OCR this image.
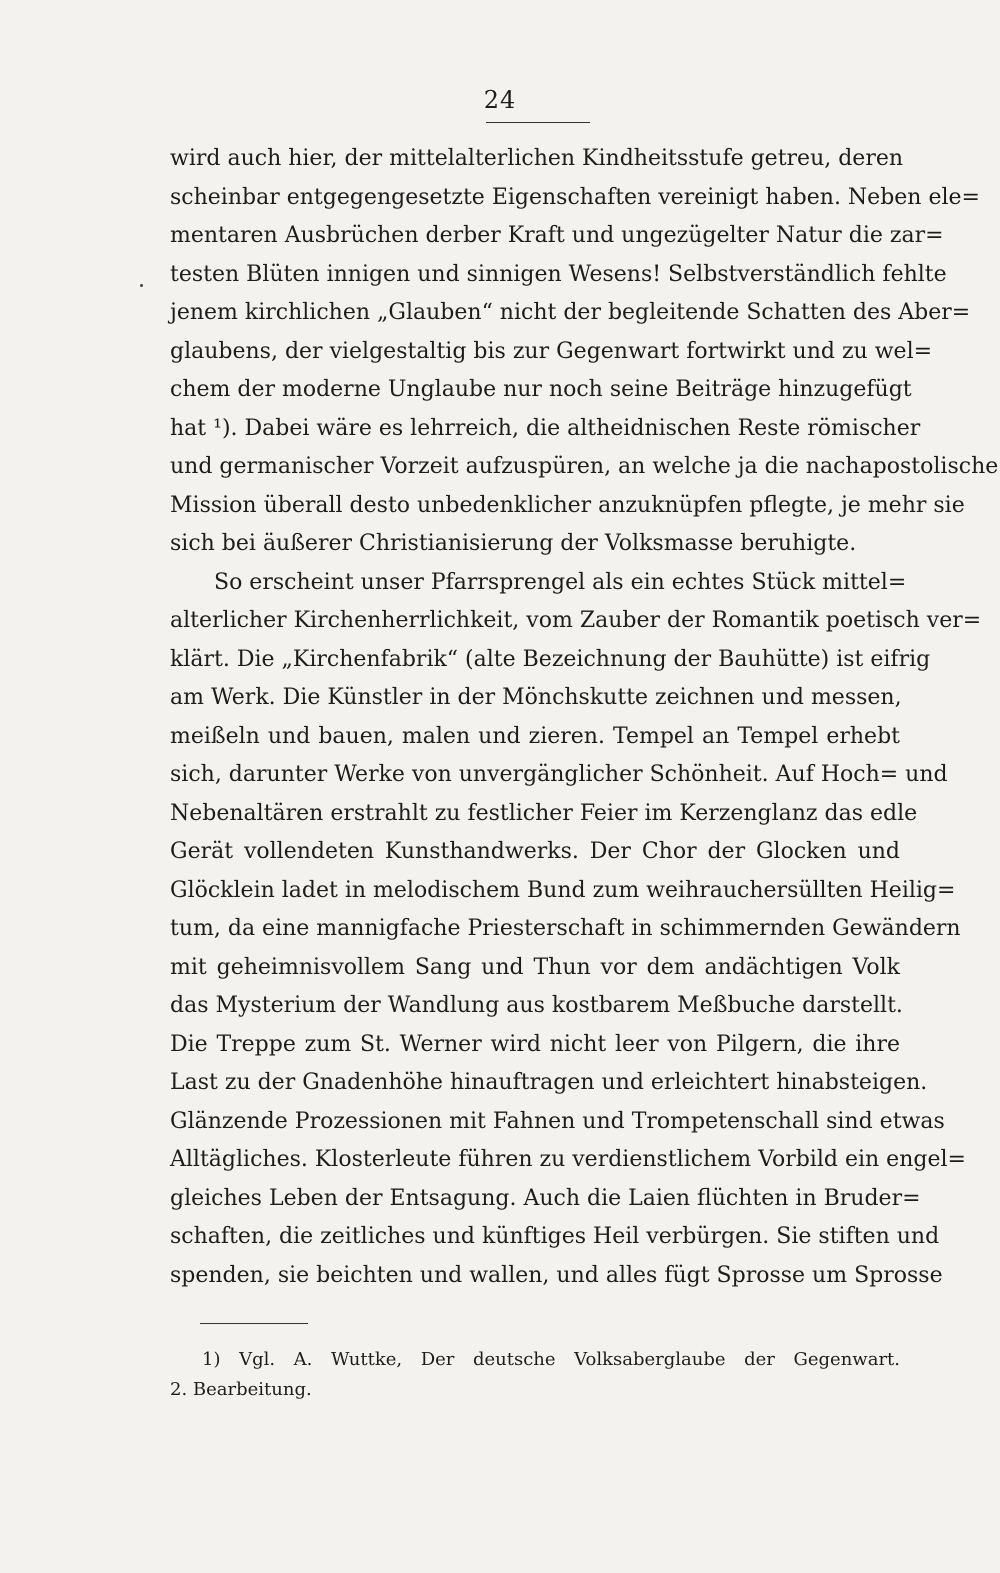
24
wird auch hier, der mittelalterlichen Kindheitsstufe getreu, deren
scheinbar entgegengesetzte Eigenschaften vereinigt haben. Neben ele=
mentaren Ausbrüchen derber Kraft und ungezügelter Natur die zar=
testen Blüten innigen und sinnigen Wesens! Selbstverständlich fehlte
jenem kirchlichen „Glauben“ nicht der begleitende Schatten des Aber=
glaubens, der vielgestaltig bis zur Gegenwart fortwirkt und zu wel=
chem der moderne Unglaube nur noch seine Beiträge hinzugefügt
hat ¹). Dabei wäre es lehrreich, die altheidnischen Reste römischer
und germanischer Vorzeit aufzuspüren, an welche ja die nachapostolische
Mission überall desto unbedenklicher anzuknüpfen pflegte, je mehr sie
sich bei äußerer Christianisierung der Volksmasse beruhigte.
So erscheint unser Pfarrsprengel als ein echtes Stück mittel=
alterlicher Kirchenherrlichkeit, vom Zauber der Romantik poetisch ver=
klärt. Die „Kirchenfabrik“ (alte Bezeichnung der Bauhütte) ist eifrig
am Werk. Die Künstler in der Mönchskutte zeichnen und messen,
meißeln und bauen, malen und zieren. Tempel an Tempel erhebt
sich, darunter Werke von unvergänglicher Schönheit. Auf Hoch= und
Nebenaltären erstrahlt zu festlicher Feier im Kerzenglanz das edle
Gerät vollendeten Kunsthandwerks. Der Chor der Glocken und
Glöcklein ladet in melodischem Bund zum weihrauchersüllten Heilig=
tum, da eine mannigfache Priesterschaft in schimmernden Gewändern
mit geheimnisvollem Sang und Thun vor dem andächtigen Volk
das Mysterium der Wandlung aus kostbarem Meßbuche darstellt.
Die Treppe zum St. Werner wird nicht leer von Pilgern, die ihre
Last zu der Gnadenhöhe hinauftragen und erleichtert hinabsteigen.
Glänzende Prozessionen mit Fahnen und Trompetenschall sind etwas
Alltägliches. Klosterleute führen zu verdienstlichem Vorbild ein engel=
gleiches Leben der Entsagung. Auch die Laien flüchten in Bruder=
schaften, die zeitliches und künftiges Heil verbürgen. Sie stiften und
spenden, sie beichten und wallen, und alles fügt Sprosse um Sprosse
1) Vgl. A. Wuttke, Der deutsche Volksaberglaube der Gegenwart.
2. Bearbeitung.
